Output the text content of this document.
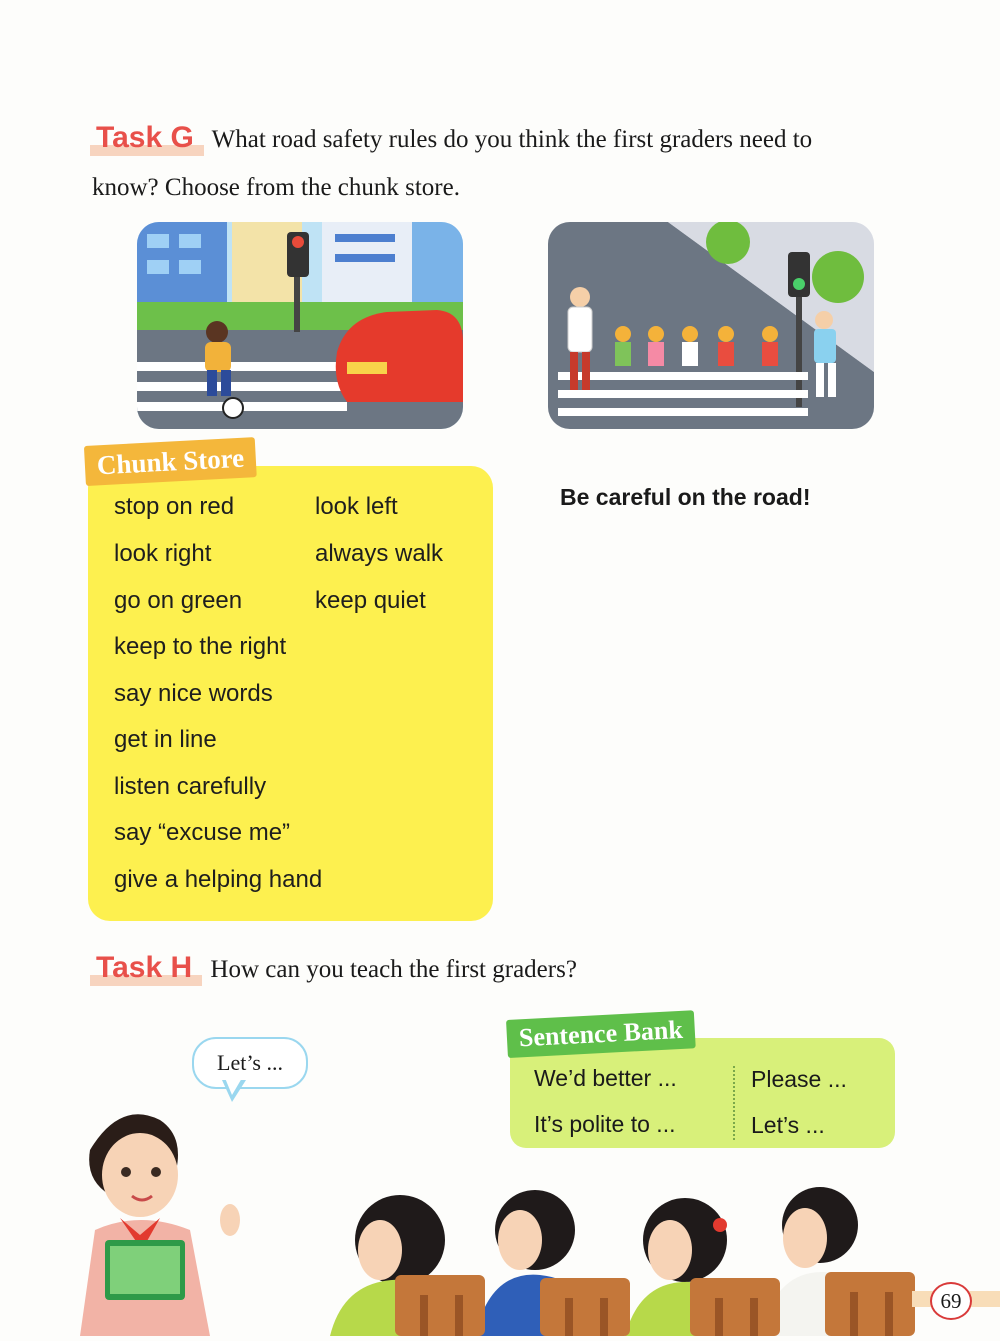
Task G What road safety rules do you think the first graders need to
know? Choose from the chunk store.
Chunk Store
stop on red
look right
go on green
keep to the right
say nice words
get in line
listen carefully
say “excuse me”
give a helping hand
look left
always walk
keep quiet
Be careful on the road!
Task H How can you teach the first graders?
Let’s ...
Sentence Bank
We’d better ...	Please ...
It’s polite to ...	Let’s ...
69
